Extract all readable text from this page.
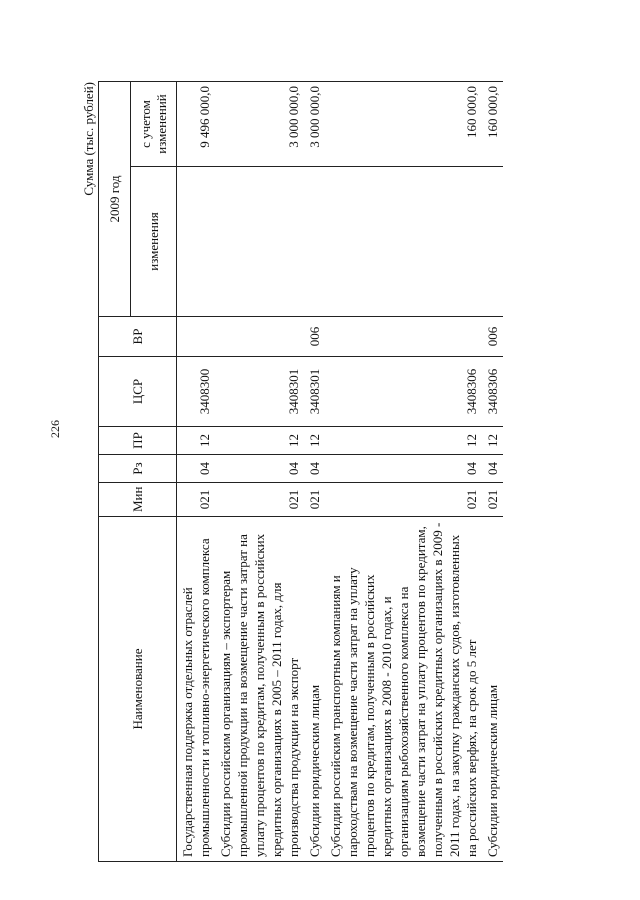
226
Сумма (тыс. рублей)
Наименование	Мин	Рз	ПР	ЦСР	ВР	2009 год	
						изменения	с учетом изменений
Государственная поддержка отдельных отраслей промышленности и топливно-энергетического комплекса	021	04	12	3408300			9 496 000,0
Субсидии российским организациям – экспортерам промышленной продукции на возмещение части затрат на уплату процентов по кредитам, полученным в российских кредитных организациях в 2005 – 2011 годах, для производства продукции на экспорт	021	04	12	3408301			3 000 000,0
Субсидии юридическим лицам	021	04	12	3408301	006		3 000 000,0
Субсидии российским транспортным компаниям и пароходствам на возмещение части затрат на уплату процентов по кредитам, полученным в российских кредитных организациях в 2008 - 2010 годах, и организациям рыбохозяйственного комплекса на возмещение части затрат на уплату процентов по кредитам, полученным в российских кредитных организациях в 2009 - 2011 годах, на закупку гражданских судов, изготовленных на российских верфях, на срок до 5 лет	021	04	12	3408306			160 000,0
Субсидии юридическим лицам	021	04	12	3408306	006		160 000,0
